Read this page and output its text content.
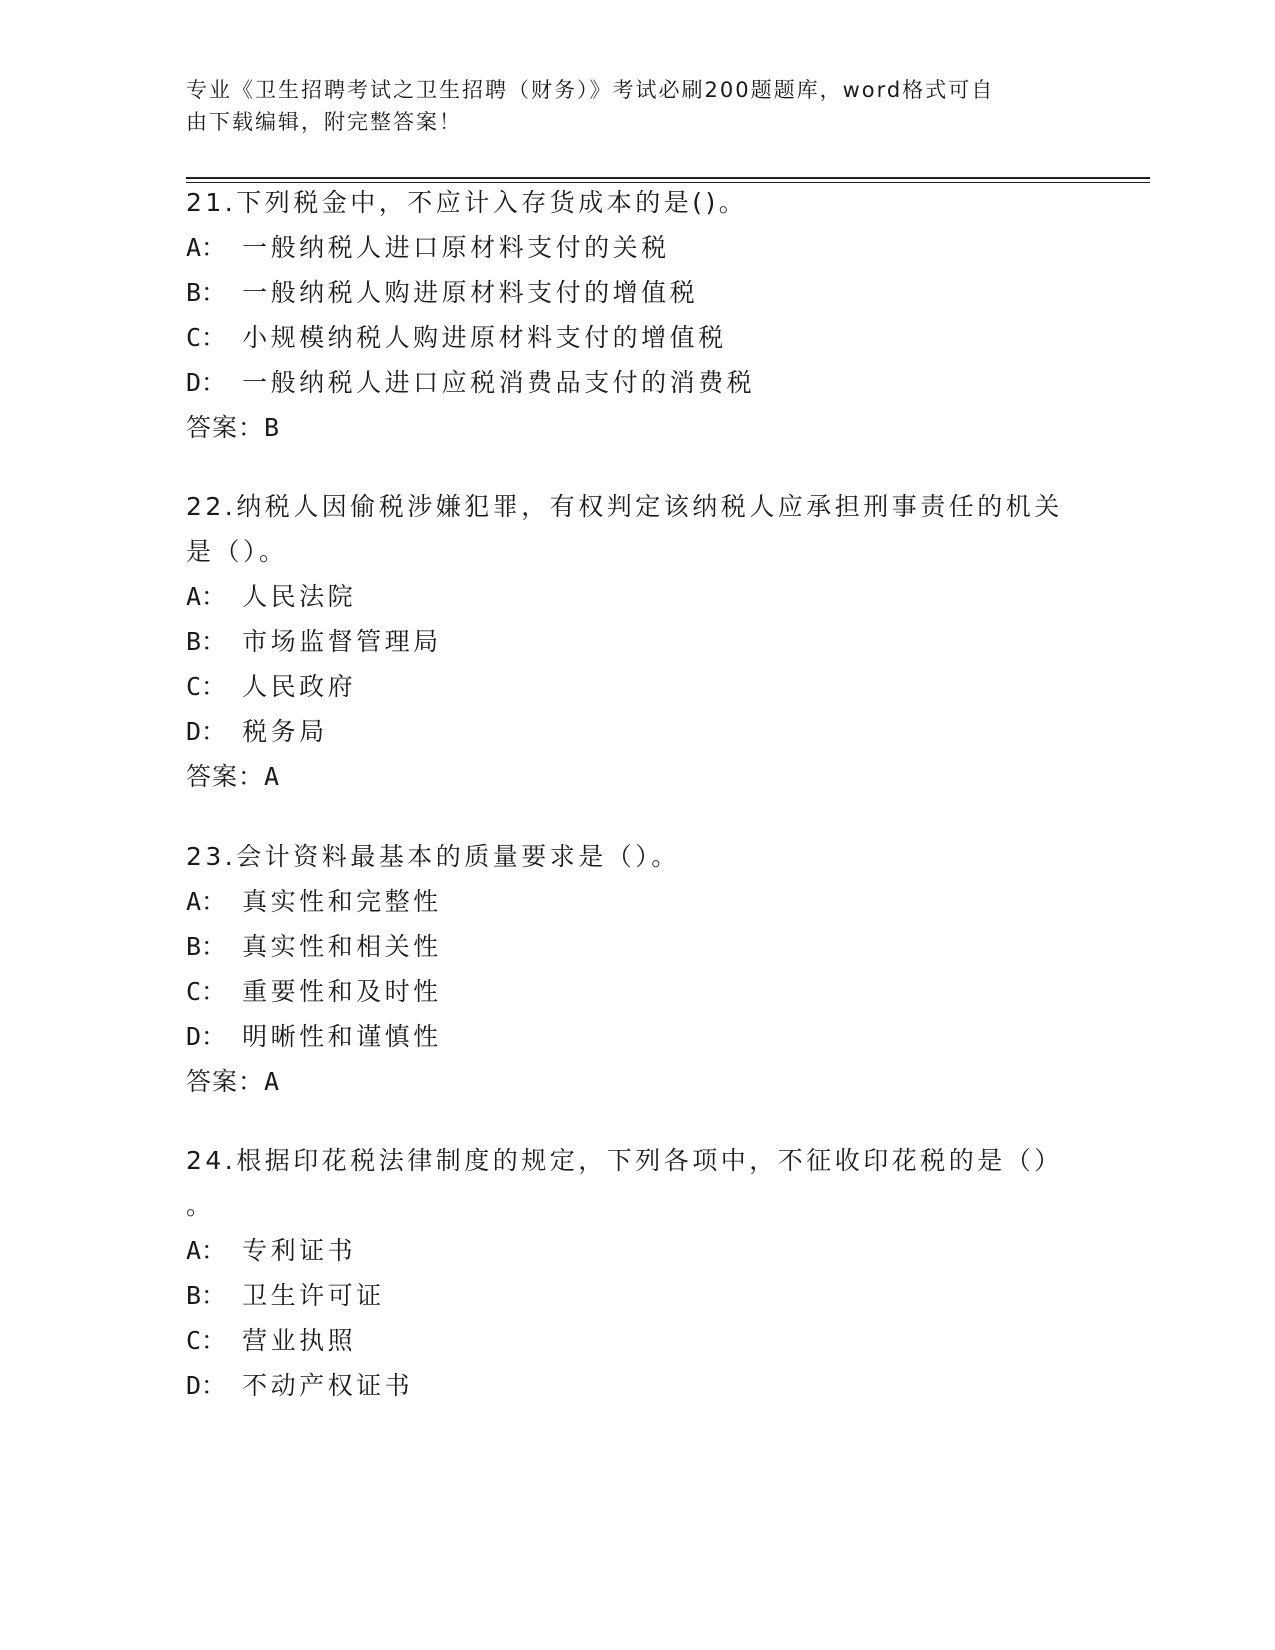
专业《卫生招聘考试之卫生招聘（财务）》考试必刷200题题库，word格式可自
由下载编辑，附完整答案！
21.下列税金中，不应计入存货成本的是()。
A： 一般纳税人进口原材料支付的关税
B： 一般纳税人购进原材料支付的增值税
C： 小规模纳税人购进原材料支付的增值税
D： 一般纳税人进口应税消费品支付的消费税
答案：B
22.纳税人因偷税涉嫌犯罪，有权判定该纳税人应承担刑事责任的机关
是（）。
A： 人民法院
B： 市场监督管理局
C： 人民政府
D： 税务局
答案：A
23.会计资料最基本的质量要求是（）。
A： 真实性和完整性
B： 真实性和相关性
C： 重要性和及时性
D： 明晰性和谨慎性
答案：A
24.根据印花税法律制度的规定，下列各项中，不征收印花税的是（）
。
A： 专利证书
B： 卫生许可证
C： 营业执照
D： 不动产权证书
